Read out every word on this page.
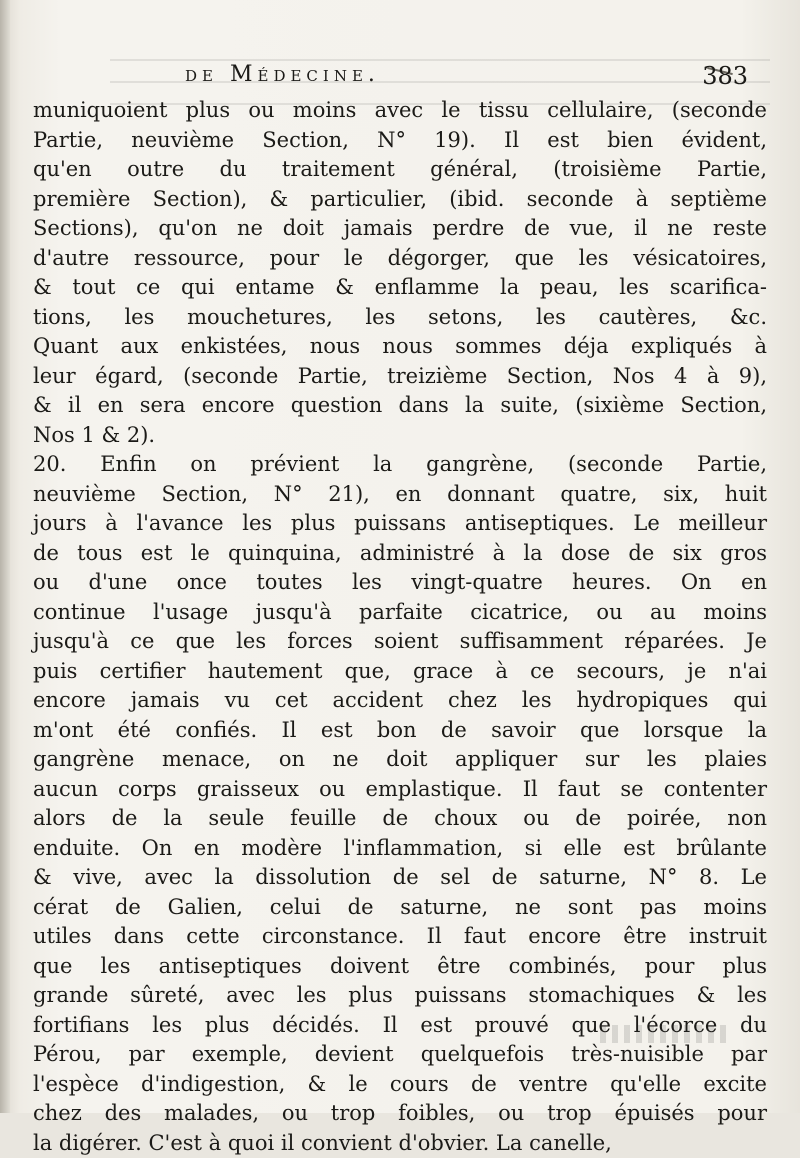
de Médecine.	383
muniquoient plus ou moins avec le tissu cellulaire, (seconde
Partie, neuvième Section, N° 19). Il est bien évident,
qu'en outre du traitement général, (troisième Partie,
première Section), & particulier, (ibid. seconde à septième
Sections), qu'on ne doit jamais perdre de vue, il ne reste
d'autre ressource, pour le dégorger, que les vésicatoires,
& tout ce qui entame & enflamme la peau, les scarifica-
tions, les mouchetures, les setons, les cautères, &c.
Quant aux enkistées, nous nous sommes déja expliqués à
leur égard, (seconde Partie, treizième Section, Nos 4 à 9),
& il en sera encore question dans la suite, (sixième Section,
Nos 1 & 2).
20. Enfin on prévient la gangrène, (seconde Partie,
neuvième Section, N° 21), en donnant quatre, six, huit
jours à l'avance les plus puissans antiseptiques. Le meilleur
de tous est le quinquina, administré à la dose de six gros
ou d'une once toutes les vingt-quatre heures. On en
continue l'usage jusqu'à parfaite cicatrice, ou au moins
jusqu'à ce que les forces soient suffisamment réparées. Je
puis certifier hautement que, grace à ce secours, je n'ai
encore jamais vu cet accident chez les hydropiques qui
m'ont été confiés. Il est bon de savoir que lorsque la
gangrène menace, on ne doit appliquer sur les plaies
aucun corps graisseux ou emplastique. Il faut se contenter
alors de la seule feuille de choux ou de poirée, non
enduite. On en modère l'inflammation, si elle est brûlante
& vive, avec la dissolution de sel de saturne, N° 8. Le
cérat de Galien, celui de saturne, ne sont pas moins
utiles dans cette circonstance. Il faut encore être instruit
que les antiseptiques doivent être combinés, pour plus
grande sûreté, avec les plus puissans stomachiques & les
fortifians les plus décidés. Il est prouvé que l'écorce du
Pérou, par exemple, devient quelquefois très-nuisible par
l'espèce d'indigestion, & le cours de ventre qu'elle excite
chez des malades, ou trop foibles, ou trop épuisés pour
la digérer. C'est à quoi il convient d'obvier. La canelle,
